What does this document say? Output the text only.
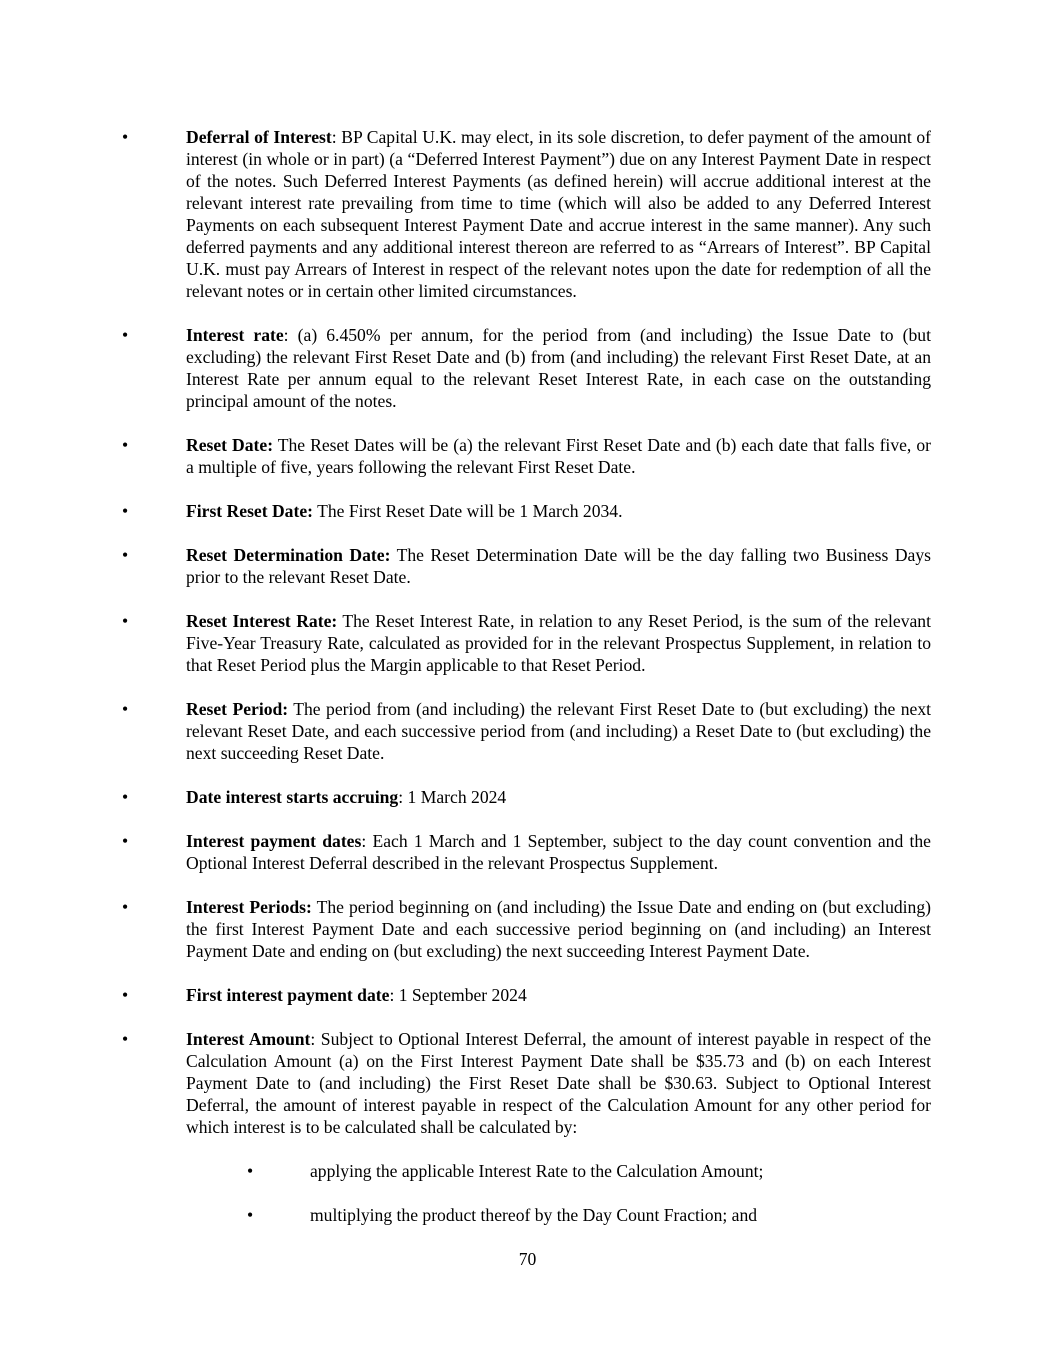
•	Deferral of Interest: BP Capital U.K. may elect, in its sole discretion, to defer payment of the amount of interest (in whole or in part) (a “Deferred Interest Payment”) due on any Interest Payment Date in respect of the notes. Such Deferred Interest Payments (as defined herein) will accrue additional interest at the relevant interest rate prevailing from time to time (which will also be added to any Deferred Interest Payments on each subsequent Interest Payment Date and accrue interest in the same manner). Any such deferred payments and any additional interest thereon are referred to as “Arrears of Interest”. BP Capital U.K. must pay Arrears of Interest in respect of the relevant notes upon the date for redemption of all the relevant notes or in certain other limited circumstances.
•	Interest rate: (a) 6.450% per annum, for the period from (and including) the Issue Date to (but excluding) the relevant First Reset Date and (b) from (and including) the relevant First Reset Date, at an Interest Rate per annum equal to the relevant Reset Interest Rate, in each case on the outstanding principal amount of the notes.
•	Reset Date: The Reset Dates will be (a) the relevant First Reset Date and (b) each date that falls five, or a multiple of five, years following the relevant First Reset Date.
•	First Reset Date: The First Reset Date will be 1 March 2034.
•	Reset Determination Date: The Reset Determination Date will be the day falling two Business Days prior to the relevant Reset Date.
•	Reset Interest Rate: The Reset Interest Rate, in relation to any Reset Period, is the sum of the relevant Five-Year Treasury Rate, calculated as provided for in the relevant Prospectus Supplement, in relation to that Reset Period plus the Margin applicable to that Reset Period.
•	Reset Period: The period from (and including) the relevant First Reset Date to (but excluding) the next relevant Reset Date, and each successive period from (and including) a Reset Date to (but excluding) the next succeeding Reset Date.
•	Date interest starts accruing: 1 March 2024
•	Interest payment dates: Each 1 March and 1 September, subject to the day count convention and the Optional Interest Deferral described in the relevant Prospectus Supplement.
•	Interest Periods: The period beginning on (and including) the Issue Date and ending on (but excluding) the first Interest Payment Date and each successive period beginning on (and including) an Interest Payment Date and ending on (but excluding) the next succeeding Interest Payment Date.
•	First interest payment date: 1 September 2024
•	Interest Amount: Subject to Optional Interest Deferral, the amount of interest payable in respect of the Calculation Amount (a) on the First Interest Payment Date shall be $35.73 and (b) on each Interest Payment Date to (and including) the First Reset Date shall be $30.63. Subject to Optional Interest Deferral, the amount of interest payable in respect of the Calculation Amount for any other period for which interest is to be calculated shall be calculated by:
•	applying the applicable Interest Rate to the Calculation Amount;
•	multiplying the product thereof by the Day Count Fraction; and
70
